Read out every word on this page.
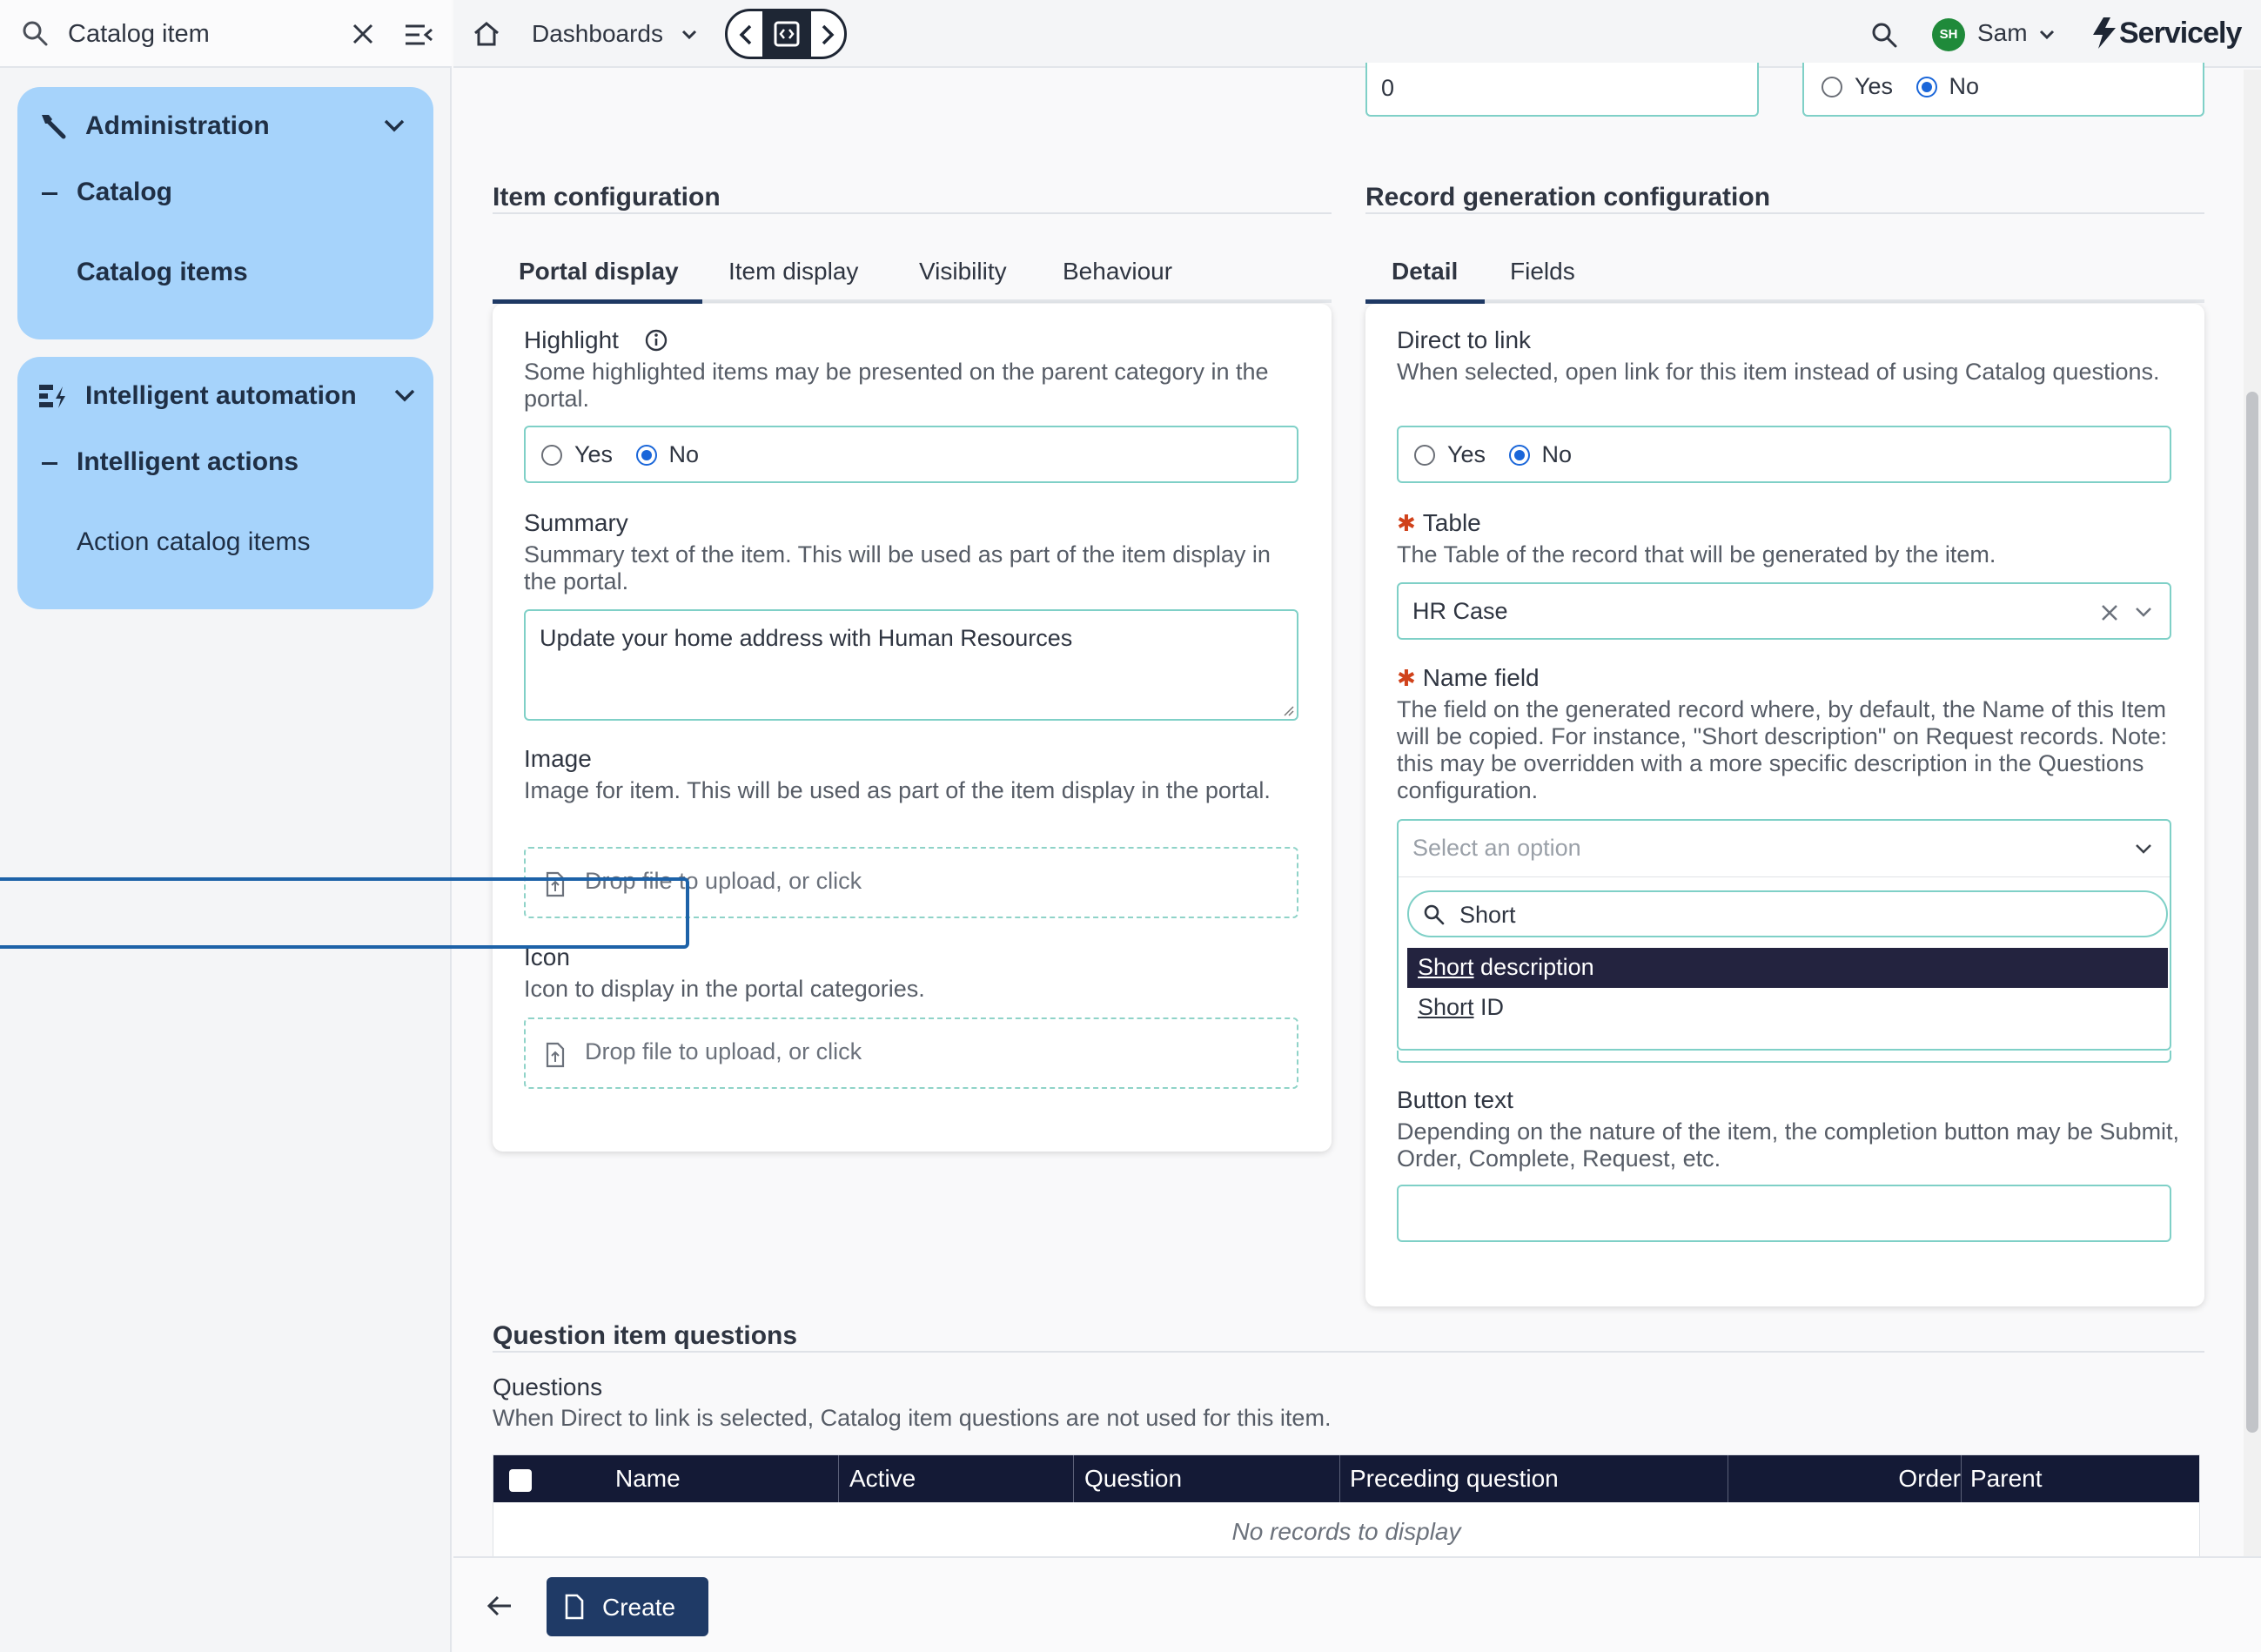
Catalog item
Administration
Catalog
Catalog items
Intelligent automation
Intelligent actions
Action catalog items
Dashboards	SH Sam	Servicely
0	Yes No
Item configuration
Portal display Item display Visibility Behaviour
Highlight
Some highlighted items may be presented on the parent category in the portal.
Yes No
Summary
Summary text of the item. This will be used as part of the item display in the portal.
Update your home address with Human Resources
Image
Image for item. This will be used as part of the item display in the portal.
Drop file to upload, or click
Icon
Icon to display in the portal categories.
Drop file to upload, or click
Record generation configuration
Detail Fields
Direct to link
When selected, open link for this item instead of using Catalog questions.
Yes No
✱ Table
The Table of the record that will be generated by the item.
HR Case
✱ Name field
The field on the generated record where, by default, the Name of this Item will be copied. For instance, "Short description" on Request records. Note: this may be overridden with a more specific description in the Questions configuration.
Select an option
Short
Short description
Short ID
Button text
Depending on the nature of the item, the completion button may be Submit, Order, Complete, Request, etc.
Question item questions
Questions
When Direct to link is selected, Catalog item questions are not used for this item.
Name	Active	Question	Preceding question	Order Parent
No records to display
Create
